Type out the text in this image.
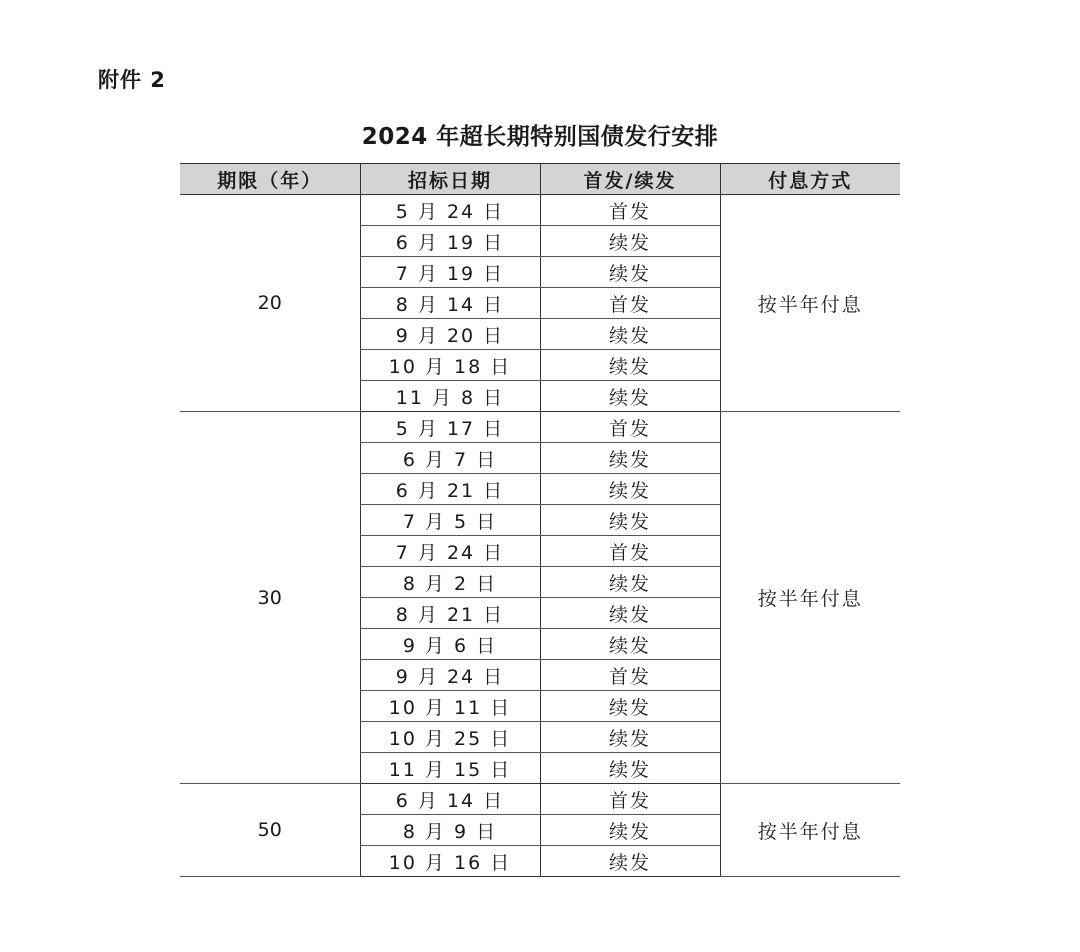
附件 2
2024 年超长期特别国债发行安排
期限（年）	招标日期	首发/续发	付息方式
20	5 月 24 日	首发	按半年付息
	6 月 19 日	续发	
	7 月 19 日	续发	
	8 月 14 日	首发	
	9 月 20 日	续发	
	10 月 18 日	续发	
	11 月 8 日	续发	
30	5 月 17 日	首发	按半年付息
	6 月 7 日	续发	
	6 月 21 日	续发	
	7 月 5 日	续发	
	7 月 24 日	首发	
	8 月 2 日	续发	
	8 月 21 日	续发	
	9 月 6 日	续发	
	9 月 24 日	首发	
	10 月 11 日	续发	
	10 月 25 日	续发	
	11 月 15 日	续发	
50	6 月 14 日	首发	按半年付息
	8 月 9 日	续发	
	10 月 16 日	续发	
